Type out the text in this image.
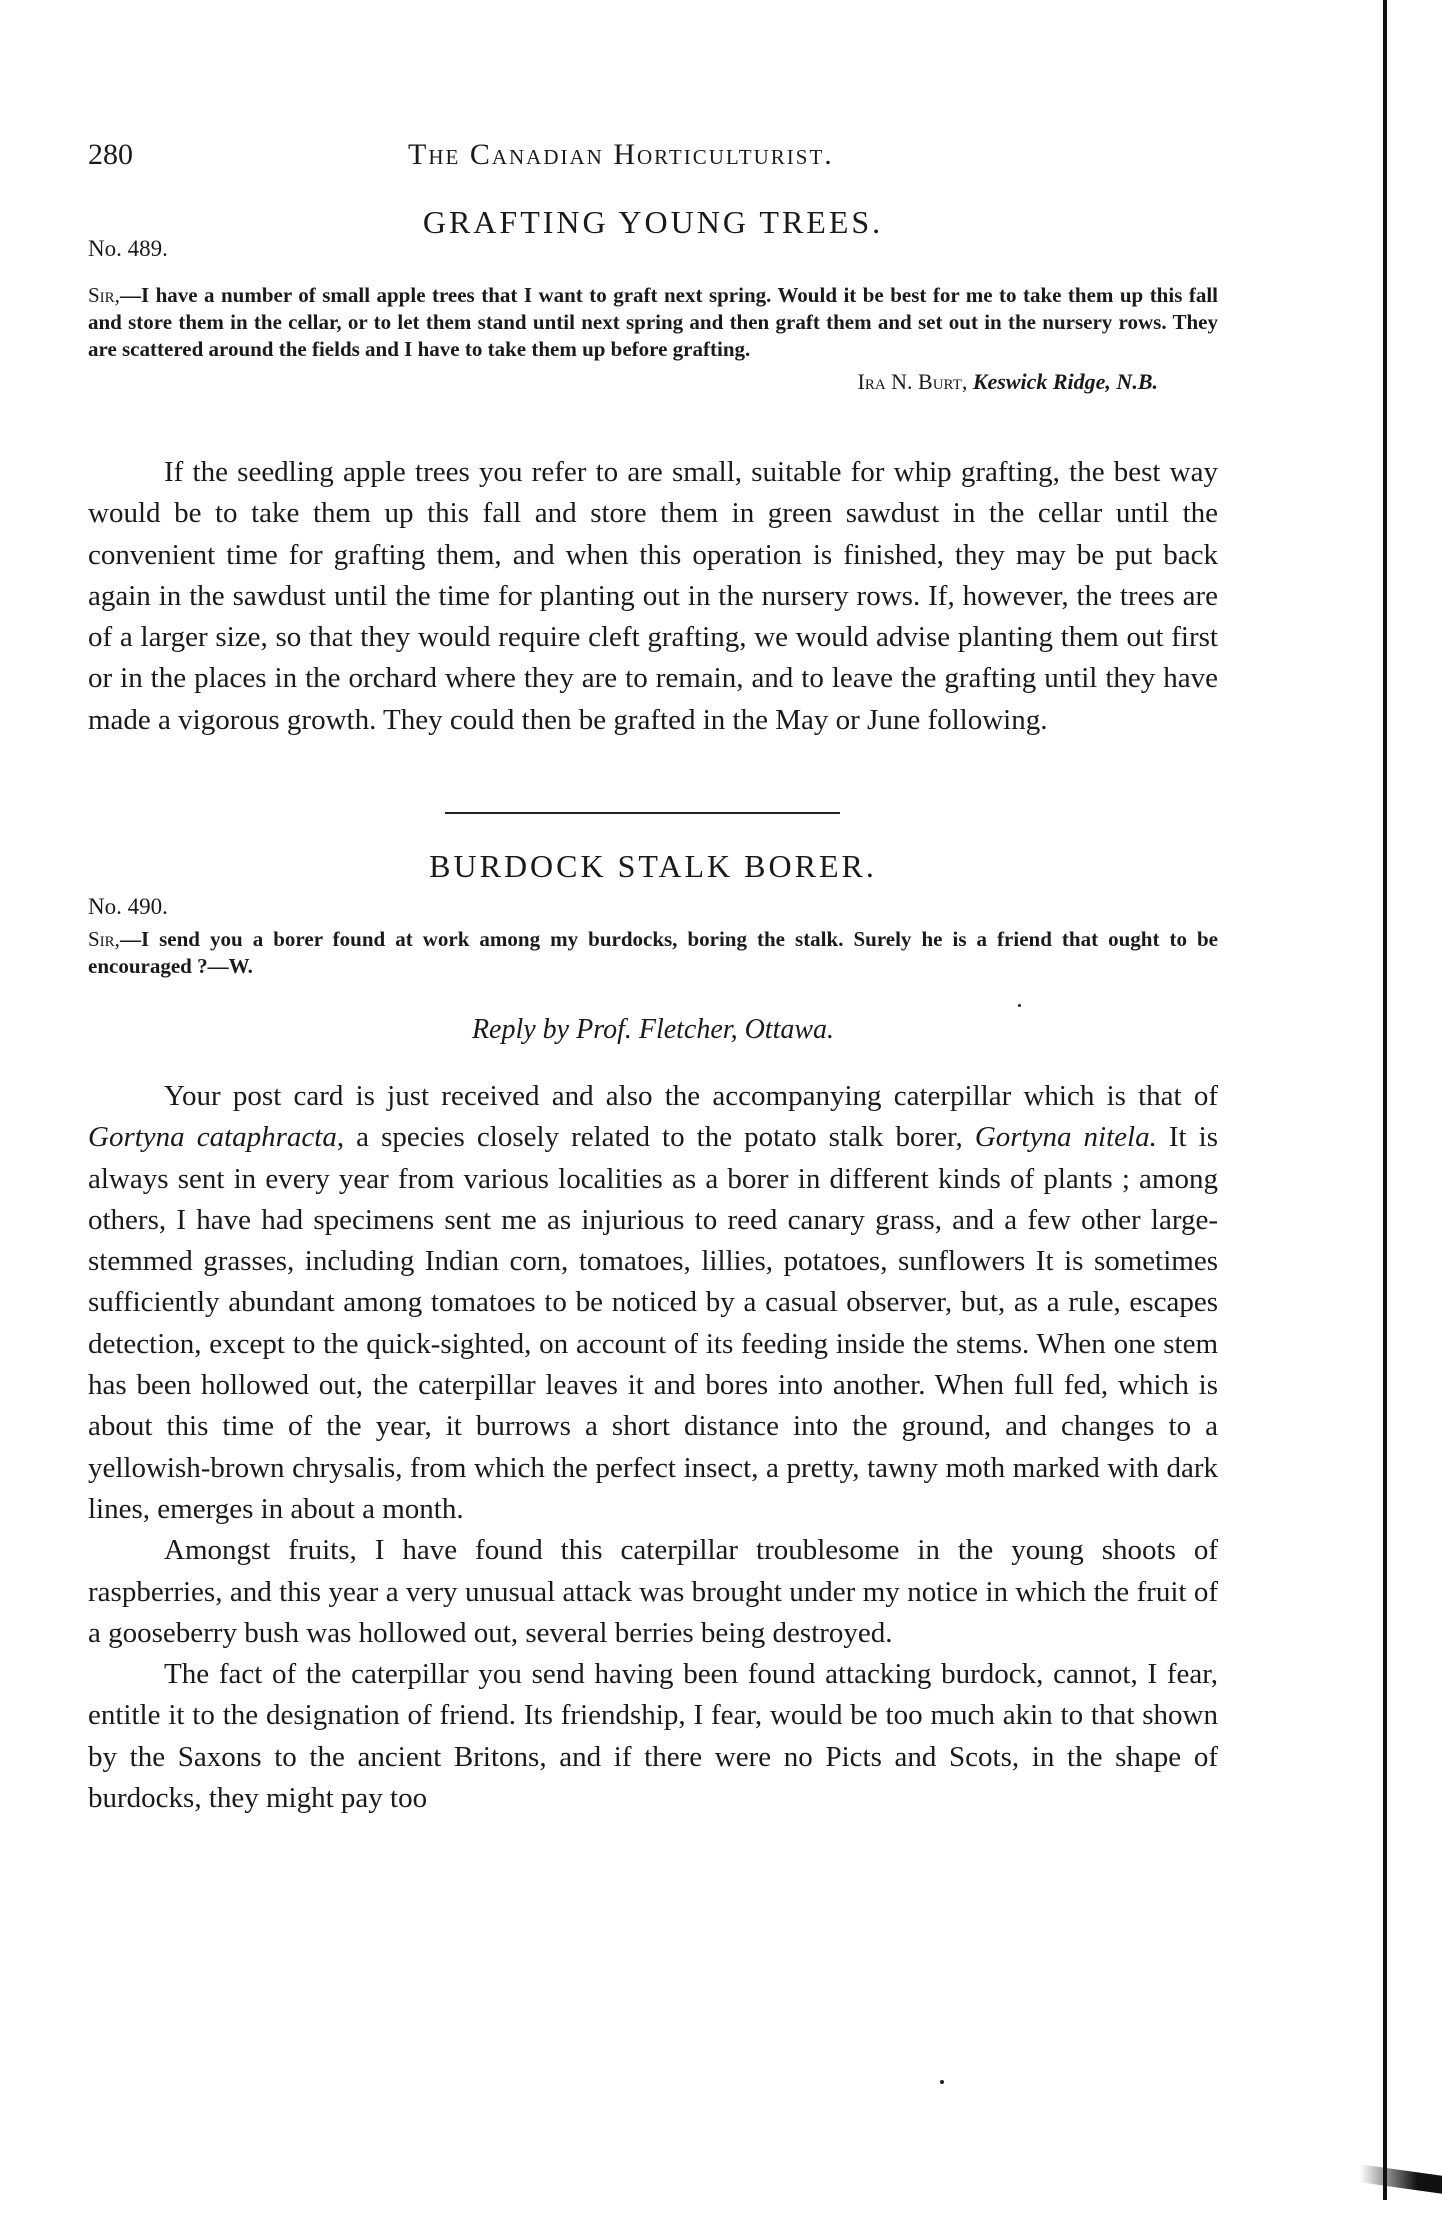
280	The Canadian Horticulturist.
GRAFTING YOUNG TREES.
No. 489.

Sir,—I have a number of small apple trees that I want to graft next spring. Would it be best for me to take them up this fall and store them in the cellar, or to let them stand until next spring and then graft them and set out in the nursery rows. They are scattered around the fields and I have to take them up before grafting.

Ira N. Burt, Keswick Ridge, N.B.

If the seedling apple trees you refer to are small, suitable for whip grafting, the best way would be to take them up this fall and store them in green sawdust in the cellar until the convenient time for grafting them, and when this operation is finished, they may be put back again in the sawdust until the time for planting out in the nursery rows. If, however, the trees are of a larger size, so that they would require cleft grafting, we would advise planting them out first or in the places in the orchard where they are to remain, and to leave the grafting until they have made a vigorous growth. They could then be grafted in the May or June following.

BURDOCK STALK BORER.
No. 490.

Sir,—I send you a borer found at work among my burdocks, boring the stalk. Surely he is a friend that ought to be encouraged ?—W.

Reply by Prof. Fletcher, Ottawa.

Your post card is just received and also the accompanying caterpillar which is that of Gortyna cataphracta, a species closely related to the potato stalk borer, Gortyna nitela. It is always sent in every year from various localities as a borer in different kinds of plants ; among others, I have had specimens sent me as injurious to reed canary grass, and a few other large-stemmed grasses, including Indian corn, tomatoes, lillies, potatoes, sunflowers It is sometimes sufficiently abundant among tomatoes to be noticed by a casual observer, but, as a rule, escapes detection, except to the quick-sighted, on account of its feeding inside the stems. When one stem has been hollowed out, the caterpillar leaves it and bores into another. When full fed, which is about this time of the year, it burrows a short distance into the ground, and changes to a yellowish-brown chrysalis, from which the perfect insect, a pretty, tawny moth marked with dark lines, emerges in about a month.

Amongst fruits, I have found this caterpillar troublesome in the young shoots of raspberries, and this year a very unusual attack was brought under my notice in which the fruit of a gooseberry bush was hollowed out, several berries being destroyed.

The fact of the caterpillar you send having been found attacking burdock, cannot, I fear, entitle it to the designation of friend. Its friendship, I fear, would be too much akin to that shown by the Saxons to the ancient Britons, and if there were no Picts and Scots, in the shape of burdocks, they might pay too
